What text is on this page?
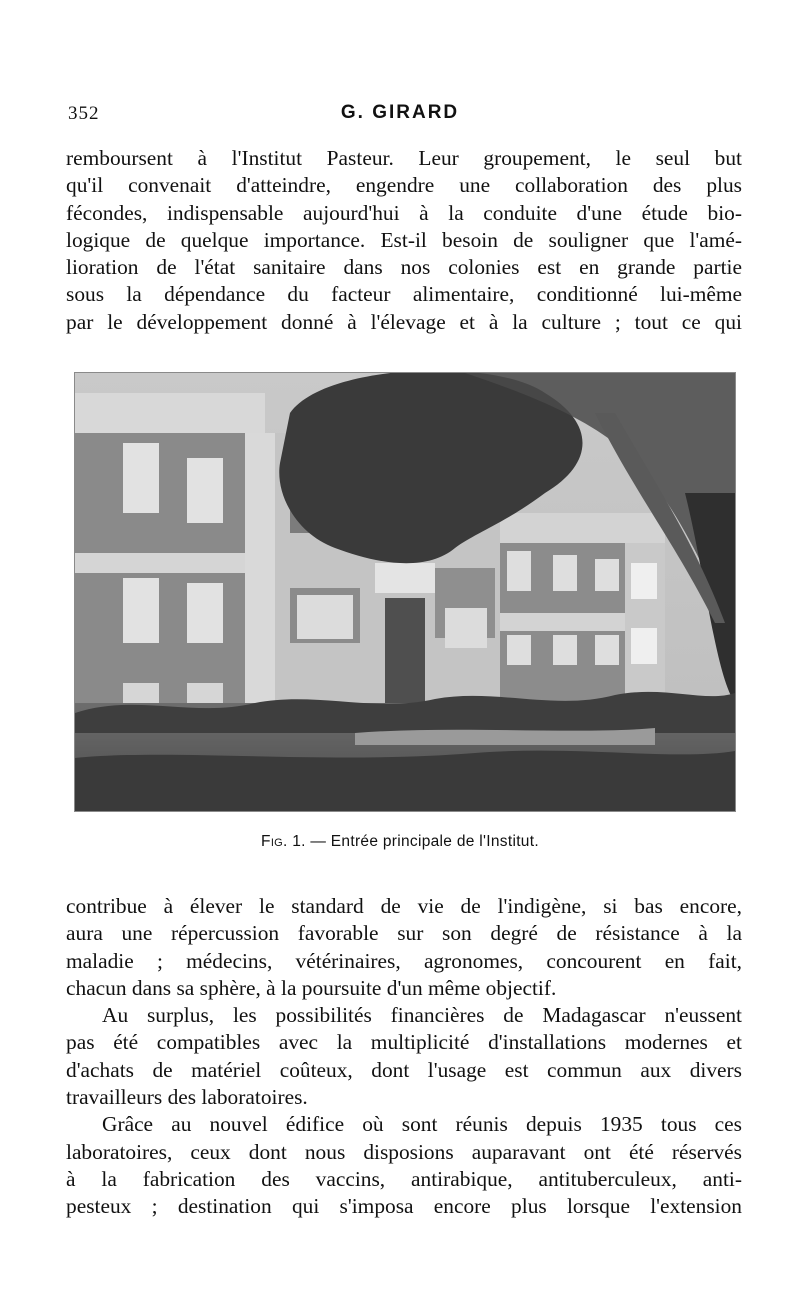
352	G. GIRARD
remboursent à l'Institut Pasteur. Leur groupement, le seul but
qu'il convenait d'atteindre, engendre une collaboration des plus
fécondes, indispensable aujourd'hui à la conduite d'une étude bio-
logique de quelque importance. Est-il besoin de souligner que l'amé-
lioration de l'état sanitaire dans nos colonies est en grande partie
sous la dépendance du facteur alimentaire, conditionné lui-même
par le développement donné à l'élevage et à la culture ; tout ce qui
Fig. 1. — Entrée principale de l'Institut.
contribue à élever le standard de vie de l'indigène, si bas encore,
aura une répercussion favorable sur son degré de résistance à la
maladie ; médecins, vétérinaires, agronomes, concourent en fait,
chacun dans sa sphère, à la poursuite d'un même objectif.
Au surplus, les possibilités financières de Madagascar n'eussent
pas été compatibles avec la multiplicité d'installations modernes et
d'achats de matériel coûteux, dont l'usage est commun aux divers
travailleurs des laboratoires.
Grâce au nouvel édifice où sont réunis depuis 1935 tous ces
laboratoires, ceux dont nous disposions auparavant ont été réservés
à la fabrication des vaccins, antirabique, antituberculeux, anti-
pesteux ; destination qui s'imposa encore plus lorsque l'extension
